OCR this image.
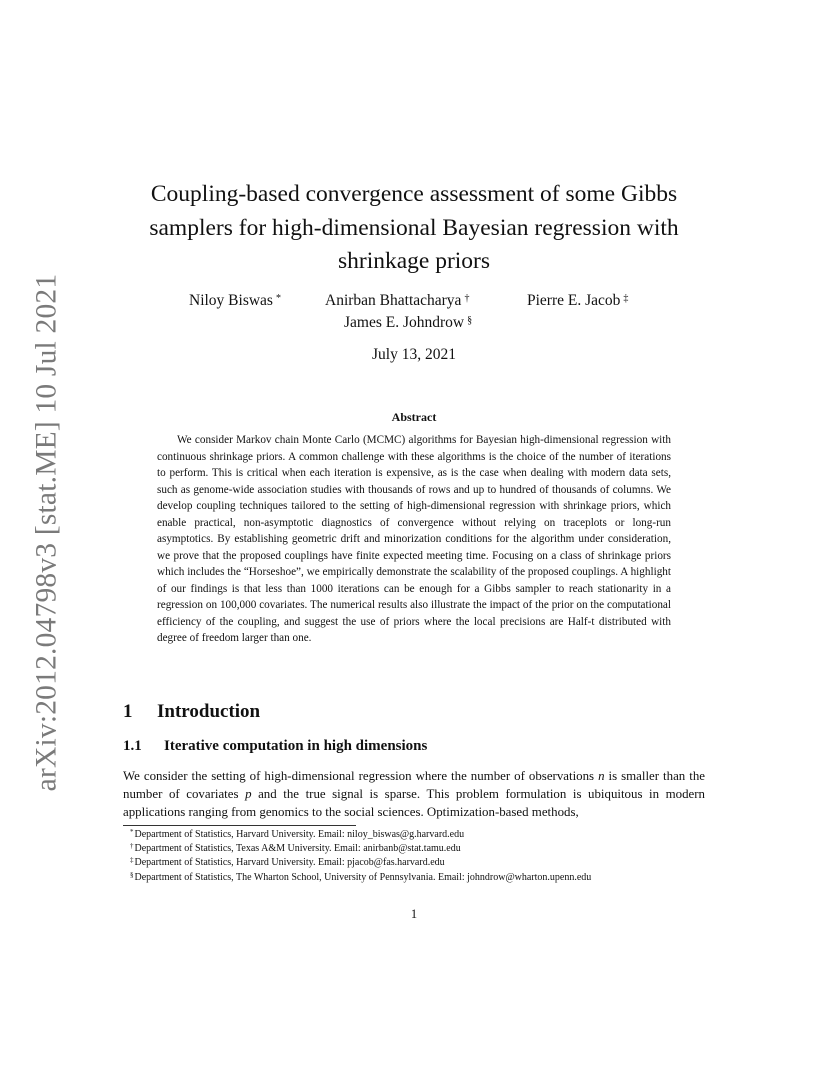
arXiv:2012.04798v3 [stat.ME] 10 Jul 2021
Coupling-based convergence assessment of some Gibbs samplers for high-dimensional Bayesian regression with shrinkage priors
Niloy Biswas *	Anirban Bhattacharya †	Pierre E. Jacob ‡
James E. Johndrow §
July 13, 2021
Abstract
We consider Markov chain Monte Carlo (MCMC) algorithms for Bayesian high-dimensional regression with continuous shrinkage priors. A common challenge with these algorithms is the choice of the number of iterations to perform. This is critical when each iteration is expensive, as is the case when dealing with modern data sets, such as genome-wide association studies with thousands of rows and up to hundred of thousands of columns. We develop coupling techniques tailored to the setting of high-dimensional regression with shrinkage priors, which enable practical, non-asymptotic diagnostics of convergence without relying on traceplots or long-run asymptotics. By establishing geometric drift and minorization conditions for the algorithm under consideration, we prove that the proposed couplings have finite expected meeting time. Focusing on a class of shrinkage priors which includes the “Horseshoe”, we empirically demonstrate the scalability of the proposed couplings. A highlight of our findings is that less than 1000 iterations can be enough for a Gibbs sampler to reach stationarity in a regression on 100,000 covariates. The numerical results also illustrate the impact of the prior on the computational efficiency of the coupling, and suggest the use of priors where the local precisions are Half-t distributed with degree of freedom larger than one.
1 Introduction
1.1 Iterative computation in high dimensions
We consider the setting of high-dimensional regression where the number of observations n is smaller than the number of covariates p and the true signal is sparse. This problem formulation is ubiquitous in modern applications ranging from genomics to the social sciences. Optimization-based methods,
*Department of Statistics, Harvard University. Email: niloy_biswas@g.harvard.edu
†Department of Statistics, Texas A&M University. Email: anirbanb@stat.tamu.edu
‡Department of Statistics, Harvard University. Email: pjacob@fas.harvard.edu
§Department of Statistics, The Wharton School, University of Pennsylvania. Email: johndrow@wharton.upenn.edu
1
